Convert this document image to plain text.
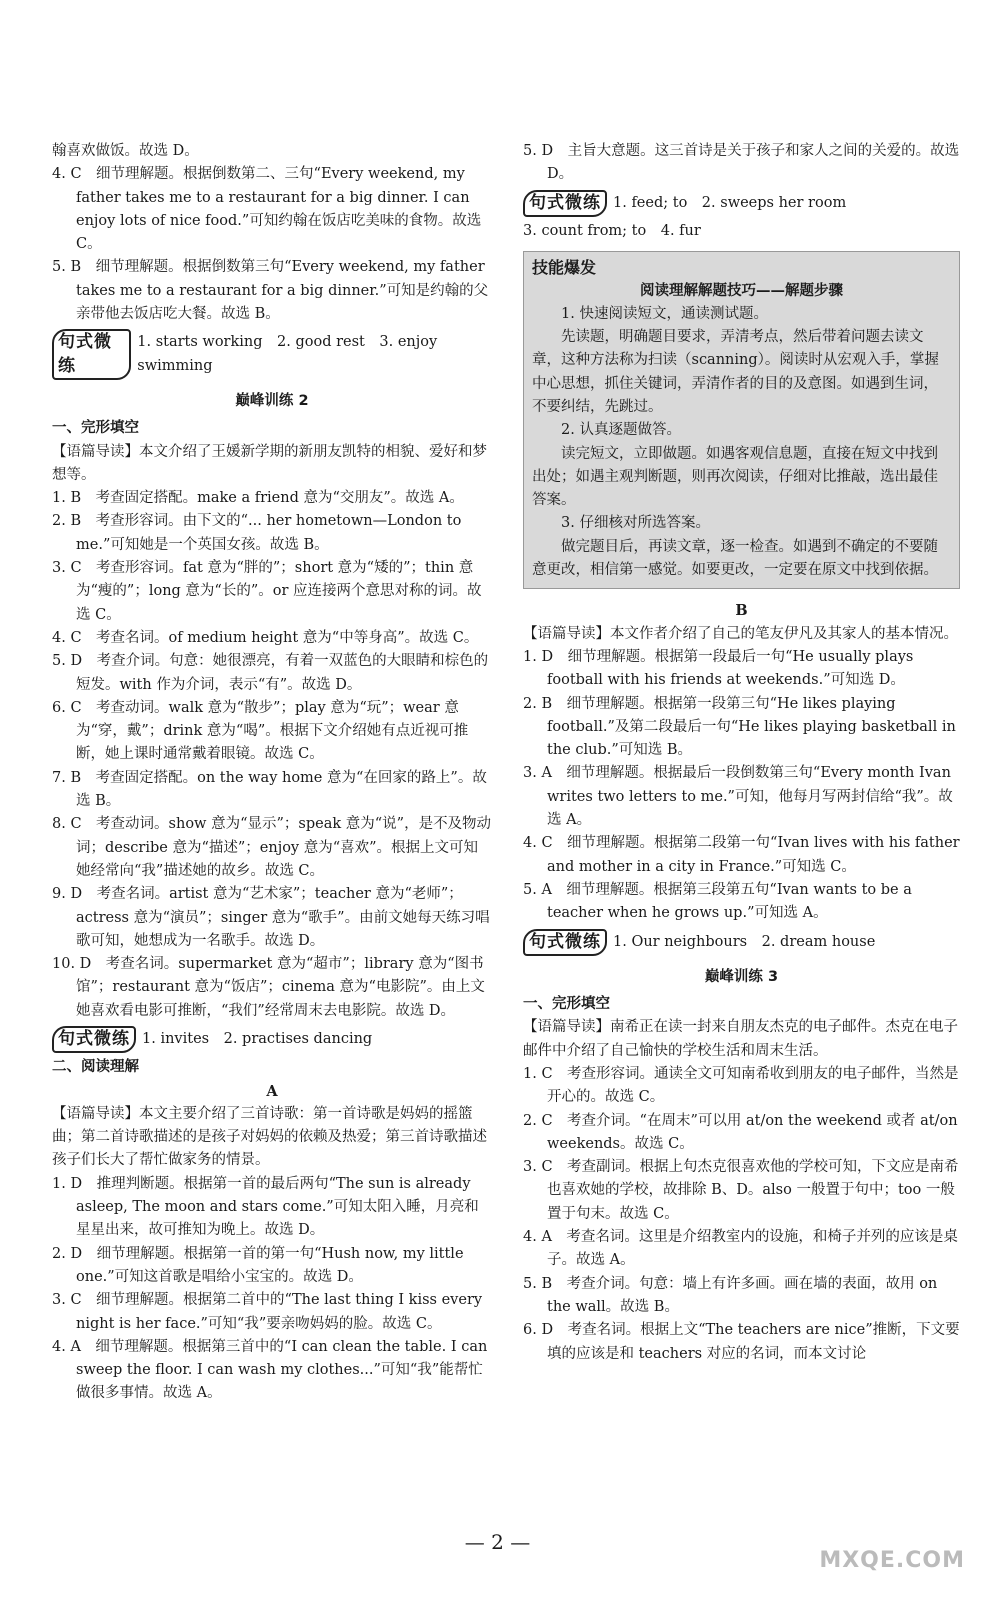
翰喜欢做饭。故选 D。

4. C　细节理解题。根据倒数第二、三句“Every weekend, my father takes me to a restaurant for a big dinner. I can enjoy lots of nice food.”可知约翰在饭店吃美味的食物。故选 C。

5. B　细节理解题。根据倒数第三句“Every weekend, my father takes me to a restaurant for a big dinner.”可知是约翰的父亲带他去饭店吃大餐。故选 B。

句式微练
1. starts working　2. good rest　3. enjoy swimming
巅峰训练 2
一、完形填空

【语篇导读】本文介绍了王媛新学期的新朋友凯特的相貌、爱好和梦想等。

1. B　考查固定搭配。make a friend 意为“交朋友”。故选 A。

2. B　考查形容词。由下文的“... her hometown—London to me.”可知她是一个英国女孩。故选 B。

3. C　考查形容词。fat 意为“胖的”；short 意为“矮的”；thin 意为“瘦的”；long 意为“长的”。or 应连接两个意思对称的词。故选 C。

4. C　考查名词。of medium height 意为“中等身高”。故选 C。

5. D　考查介词。句意：她很漂亮，有着一双蓝色的大眼睛和棕色的短发。with 作为介词，表示“有”。故选 D。

6. C　考查动词。walk 意为“散步”；play 意为“玩”；wear 意为“穿，戴”；drink 意为“喝”。根据下文介绍她有点近视可推断，她上课时通常戴着眼镜。故选 C。

7. B　考查固定搭配。on the way home 意为“在回家的路上”。故选 B。

8. C　考查动词。show 意为“显示”；speak 意为“说”，是不及物动词；describe 意为“描述”；enjoy 意为“喜欢”。根据上文可知她经常向“我”描述她的故乡。故选 C。

9. D　考查名词。artist 意为“艺术家”；teacher 意为“老师”；actress 意为“演员”；singer 意为“歌手”。由前文她每天练习唱歌可知，她想成为一名歌手。故选 D。

10. D　考查名词。supermarket 意为“超市”；library 意为“图书馆”；restaurant 意为“饭店”；cinema 意为“电影院”。由上文她喜欢看电影可推断，“我们”经常周末去电影院。故选 D。

句式微练 1. invites　2. practises dancing
二、阅读理解
A

【语篇导读】本文主要介绍了三首诗歌：第一首诗歌是妈妈的摇篮曲；第二首诗歌描述的是孩子对妈妈的依赖及热爱；第三首诗歌描述孩子们长大了帮忙做家务的情景。

1. D　推理判断题。根据第一首的最后两句“The sun is already asleep, The moon and stars come.”可知太阳入睡，月亮和星星出来，故可推知为晚上。故选 D。

2. D　细节理解题。根据第一首的第一句“Hush now, my little one.”可知这首歌是唱给小宝宝的。故选 D。

3. C　细节理解题。根据第二首中的“The last thing I kiss every night is her face.”可知“我”要亲吻妈妈的脸。故选 C。

4. A　细节理解题。根据第三首中的“I can clean the table. I can sweep the floor. I can wash my clothes...”可知“我”能帮忙做很多事情。故选 A。

5. D　主旨大意题。这三首诗是关于孩子和家人之间的关爱的。故选 D。

句式微练 1. feed; to　2. sweeps her room

3. count from; to　4. fur

技能爆发
阅读理解解题技巧——解题步骤

1. 快速阅读短文，通读测试题。

先读题，明确题目要求，弄清考点，然后带着问题去读文章，这种方法称为扫读（scanning）。阅读时从宏观入手，掌握中心思想，抓住关键词，弄清作者的目的及意图。如遇到生词，不要纠结，先跳过。

2. 认真逐题做答。

读完短文，立即做题。如遇客观信息题，直接在短文中找到出处；如遇主观判断题，则再次阅读，仔细对比推敲，选出最佳答案。

3. 仔细核对所选答案。

做完题目后，再读文章，逐一检查。如遇到不确定的不要随意更改，相信第一感觉。如要更改，一定要在原文中找到依据。

B

【语篇导读】本文作者介绍了自己的笔友伊凡及其家人的基本情况。

1. D　细节理解题。根据第一段最后一句“He usually plays football with his friends at weekends.”可知选 D。

2. B　细节理解题。根据第一段第三句“He likes playing football.”及第二段最后一句“He likes playing basketball in the club.”可知选 B。

3. A　细节理解题。根据最后一段倒数第三句“Every month Ivan writes two letters to me.”可知，他每月写两封信给“我”。故选 A。

4. C　细节理解题。根据第二段第一句“Ivan lives with his father and mother in a city in France.”可知选 C。

5. A　细节理解题。根据第三段第五句“Ivan wants to be a teacher when he grows up.”可知选 A。

句式微练 1. Our neighbours　2. dream house
巅峰训练 3
一、完形填空

【语篇导读】南希正在读一封来自朋友杰克的电子邮件。杰克在电子邮件中介绍了自己愉快的学校生活和周末生活。

1. C　考查形容词。通读全文可知南希收到朋友的电子邮件，当然是开心的。故选 C。

2. C　考查介词。“在周末”可以用 at/on the weekend 或者 at/on weekends。故选 C。

3. C　考查副词。根据上句杰克很喜欢他的学校可知，下文应是南希也喜欢她的学校，故排除 B、D。also 一般置于句中；too 一般置于句末。故选 C。

4. A　考查名词。这里是介绍教室内的设施，和椅子并列的应该是桌子。故选 A。

5. B　考查介词。句意：墙上有许多画。画在墙的表面，故用 on the wall。故选 B。

6. D　考查名词。根据上文“The teachers are nice”推断，下文要填的应该是和 teachers 对应的名词，而本文讨论

— 2 —
MXQE.COM
